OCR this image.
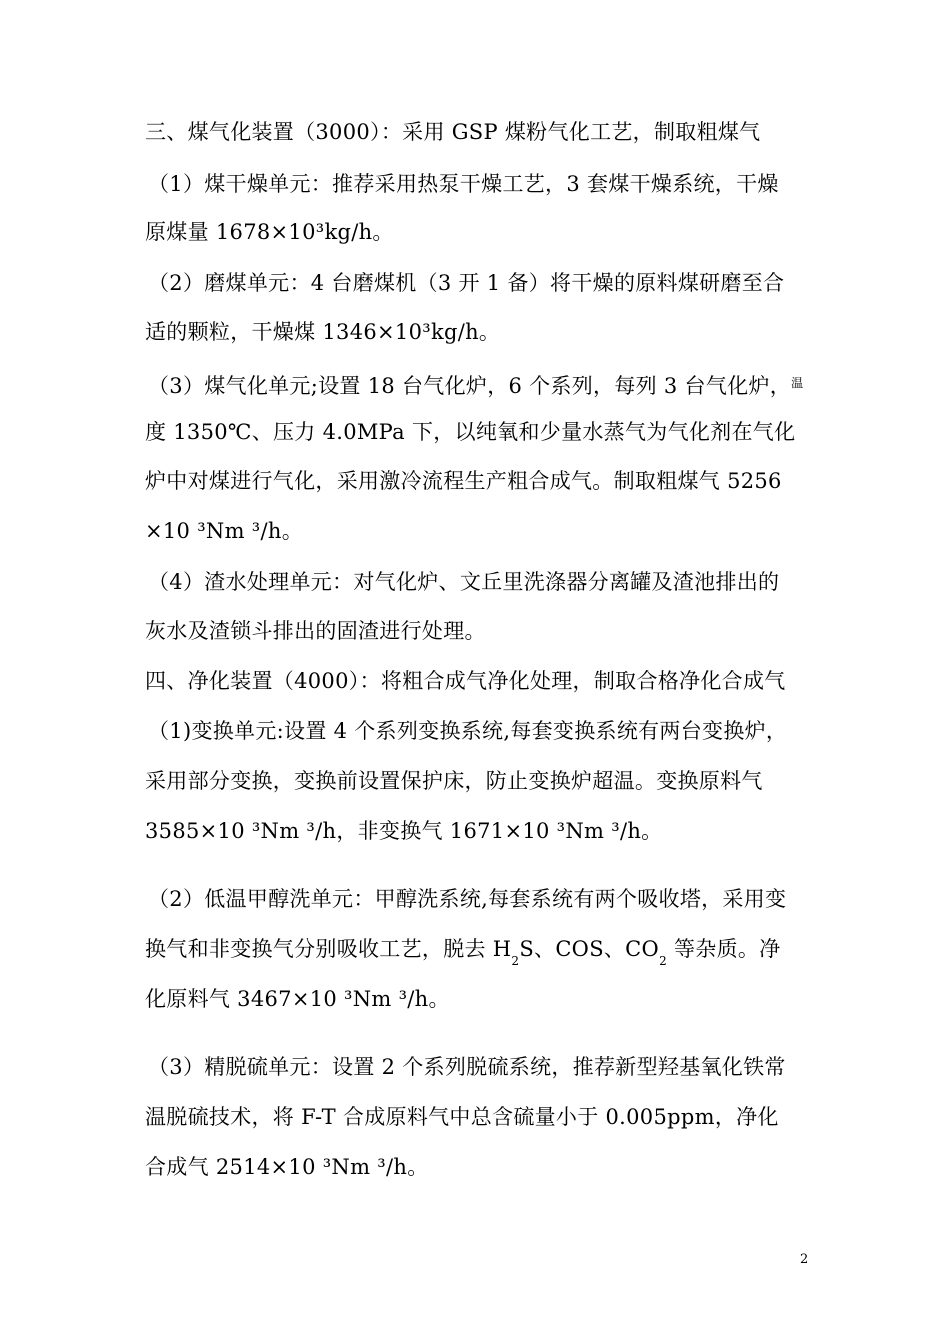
三、煤气化装置（3000）：采用 GSP 煤粉气化工艺，制取粗煤气
（1）煤干燥单元：推荐采用热泵干燥工艺，3 套煤干燥系统，干燥
原煤量 1678×10³kg/h。
（2）磨煤单元：4 台磨煤机（3 开 1 备）将干燥的原料煤研磨至合
适的颗粒，干燥煤 1346×10³kg/h。
（3）煤气化单元;设置 18 台气化炉，6 个系列，每列 3 台气化炉，$^温$
度 1350℃、压力 4.0MPa 下，以纯氧和少量水蒸气为气化剂在气化
炉中对煤进行气化，采用激冷流程生产粗合成气。制取粗煤气 5256
×10 ³Nm ³/h。
（4）渣水处理单元：对气化炉、文丘里洗涤器分离罐及渣池排出的
灰水及渣锁斗排出的固渣进行处理。
四、净化装置（4000）：将粗合成气净化处理，制取合格净化合成气
（1)变换单元:设置 4 个系列变换系统,每套变换系统有两台变换炉，
采用部分变换，变换前设置保护床，防止变换炉超温。变换原料气
3585×10 ³Nm ³/h，非变换气 1671×10 ³Nm ³/h。
（2）低温甲醇洗单元：甲醇洗系统,每套系统有两个吸收塔，采用变
换气和非变换气分别吸收工艺，脱去 $H_2S$、COS、$CO_2$ 等杂质。净
化原料气 3467×10 ³Nm ³/h。
（3）精脱硫单元：设置 2 个系列脱硫系统，推荐新型羟基氧化铁常
温脱硫技术，将 F-T 合成原料气中总含硫量小于 0.005ppm，净化
合成气 2514×10 ³Nm ³/h。
2
